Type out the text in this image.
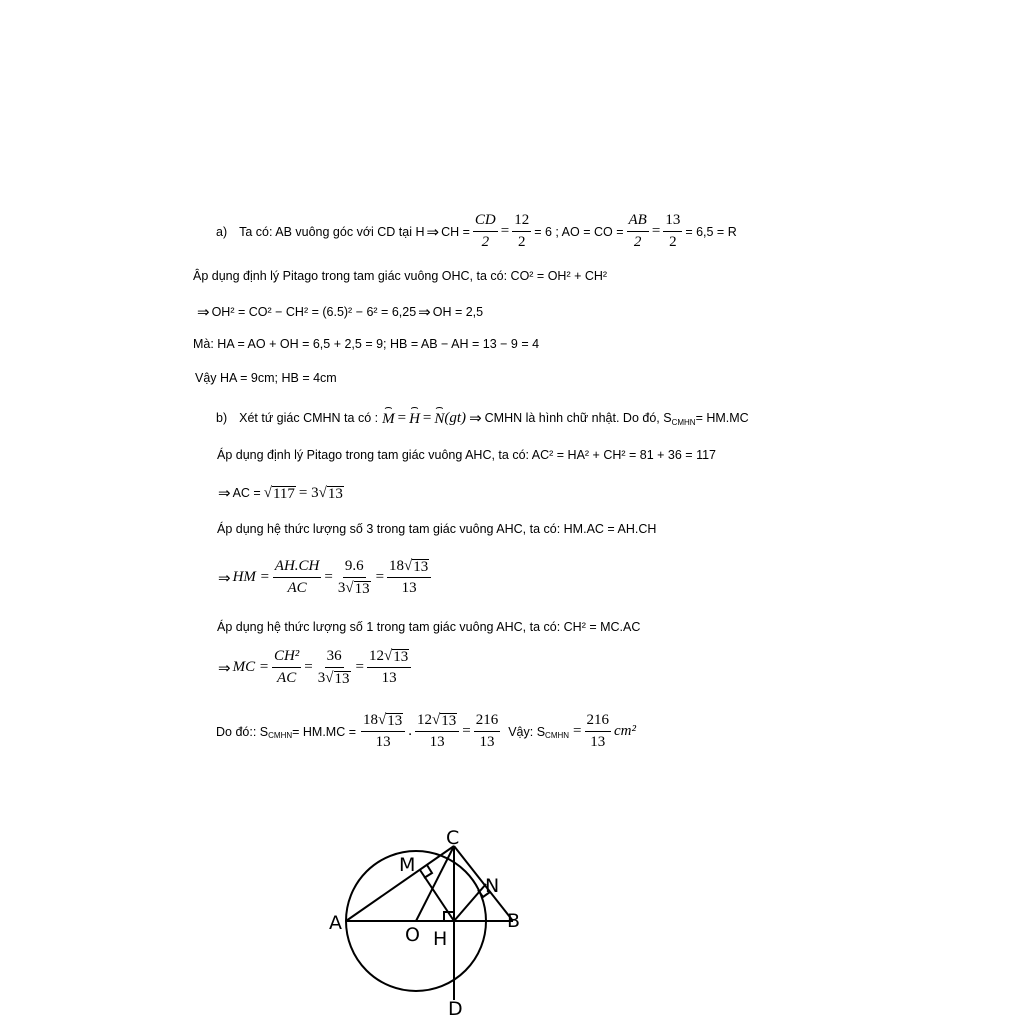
a) Ta có: AB vuông góc với CD tại H ⇒ CH = $\frac{CD}{2} = \frac{12}{2} = 6$ ; AO = CO = $\frac{AB}{2} = \frac{13}{2} = 6,5 = R$
Âp dụng định lý Pitago trong tam giác vuông OHC, ta có: CO² = OH² + CH²
⇒ OH² = CO² − CH² = (6.5)² − 6² = 6,25 ⇒ OH = 2,5
Mà: HA = AO + OH = 6,5 + 2,5 = 9; HB = AB − AH = 13 − 9 = 4
Vậy HA = 9cm; HB = 4cm
b) Xét tứ giác CMHN ta có : ⌢ M = ⌢ H = ⌢ N (gt) ⇒ CMHN là hình chữ nhật. Do đó, S CMHN = HM.MC
Áp dụng định lý Pitago trong tam giác vuông AHC, ta có: AC² = HA² + CH² = 81 + 36 = 117
⇒ AC = √ 117 = 3 √ 13
Áp dụng hệ thức lượng số 3 trong tam giác vuông AHC, ta có: HM.AC = AH.CH
⇒ HM = $\frac{AH.CH}{AC} = \frac{9.6}{3 √ 13} = \frac{18 √ 13}{13}$
Áp dụng hệ thức lượng số 1 trong tam giác vuông AHC, ta có: CH² = MC.AC
⇒ MC = $\frac{\text{CH²}}{AC} = \frac{36}{3 √ 13} = \frac{12 √ 13}{13}$
Do đó:: S CMHN = $HM.MC = \frac{18 √ 13}{13}$ . $\frac{12 √ 13}{13} = \frac{216}{13}$ Vậy: S CMHN = $\frac{216}{13} cm^2$
A	B
C
D
O H
M
N
